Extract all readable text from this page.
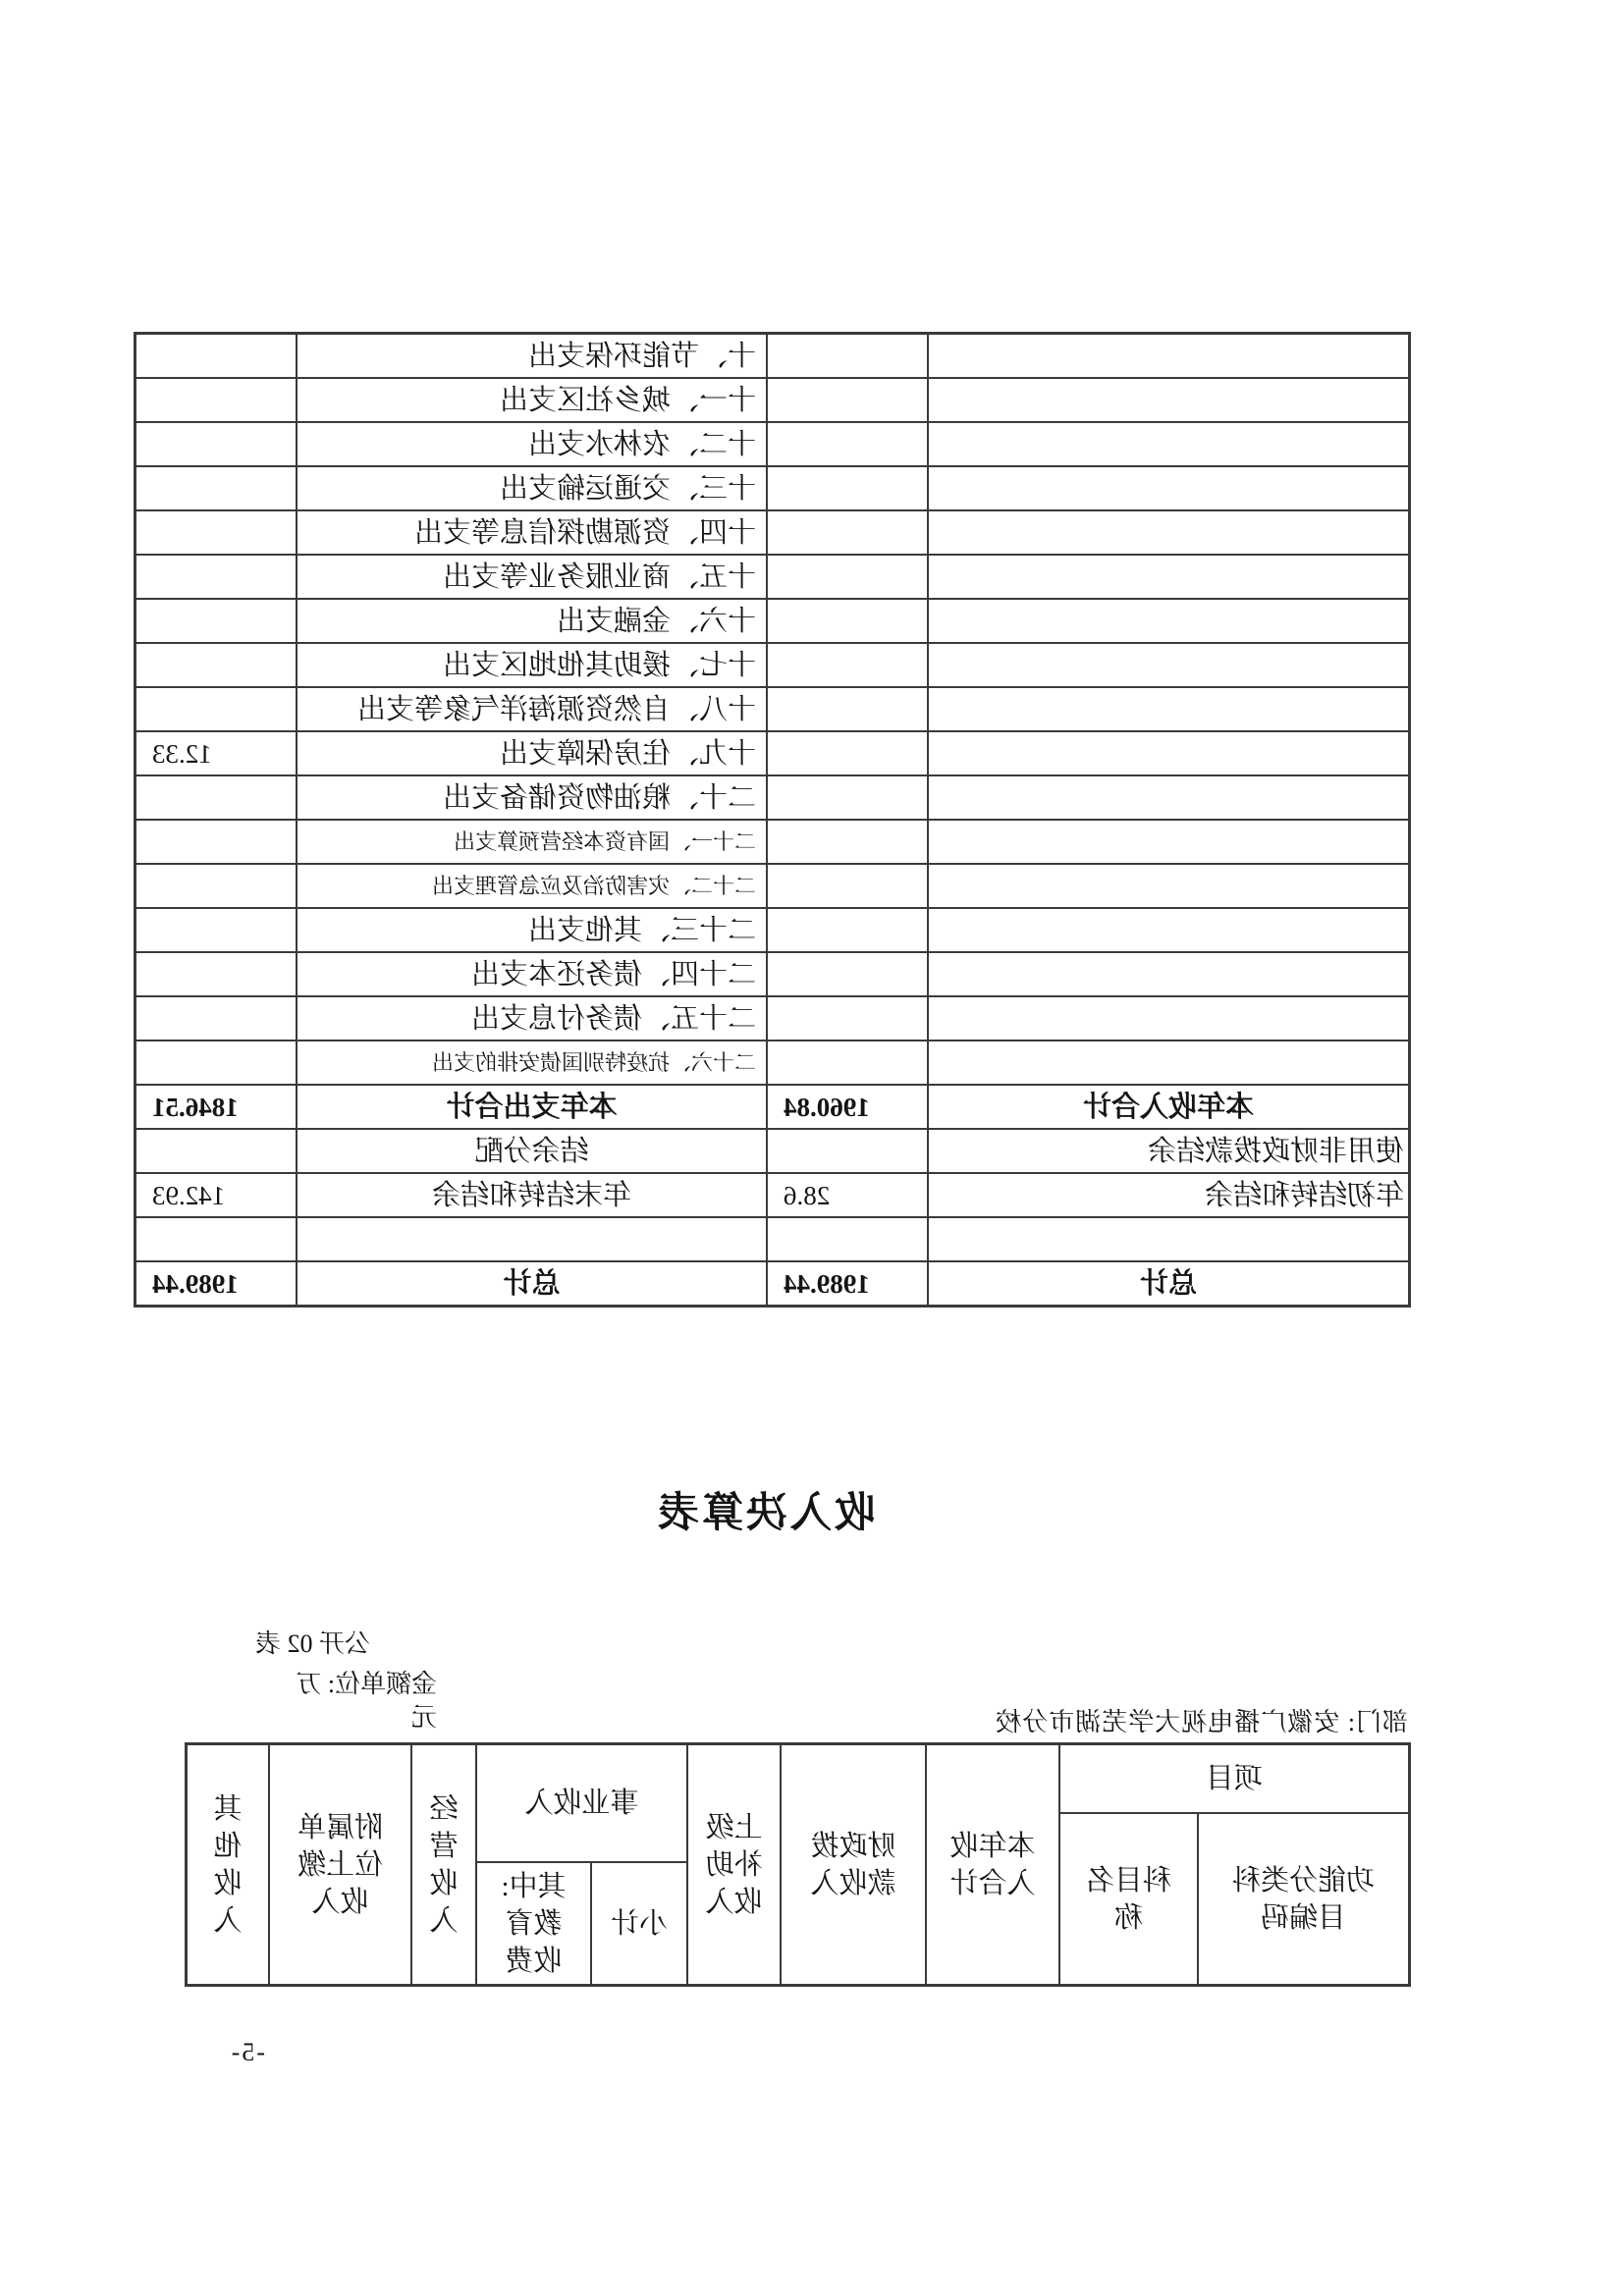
十、节能环保支出
十一、城乡社区支出
十二、农林水支出
十三、交通运输支出
十四、资源勘探信息等支出
十五、商业服务业等支出
十六、金融支出
十七、援助其他地区支出
十八、自然资源海洋气象等支出
十九、住房保障支出
12.33
二十、粮油物资储备支出
二十一、国有资本经营预算支出
二十二、灾害防治及应急管理支出
二十三、其他支出
二十四、债务还本支出
二十五、债务付息支出
二十六、抗疫特别国债安排的支出
本年收入合计
1960.84
本年支出合计
1846.51
使用非财政拨款结余
结余分配
年初结转和结余
28.6
年末结转和结余
142.93
总计
1989.44
总计
1989.44
收入决算表
公开 02 表
金额单位: 万元	部门: 安徽广播电视大学芜湖市分校
项目
功能分类科目编码
科目名称
本年收入合计
财政拨款收入
上级补助收入
事业收入
小计
其中:教育收费
经营收入
附属单位上缴收入
其他收入
-5-
